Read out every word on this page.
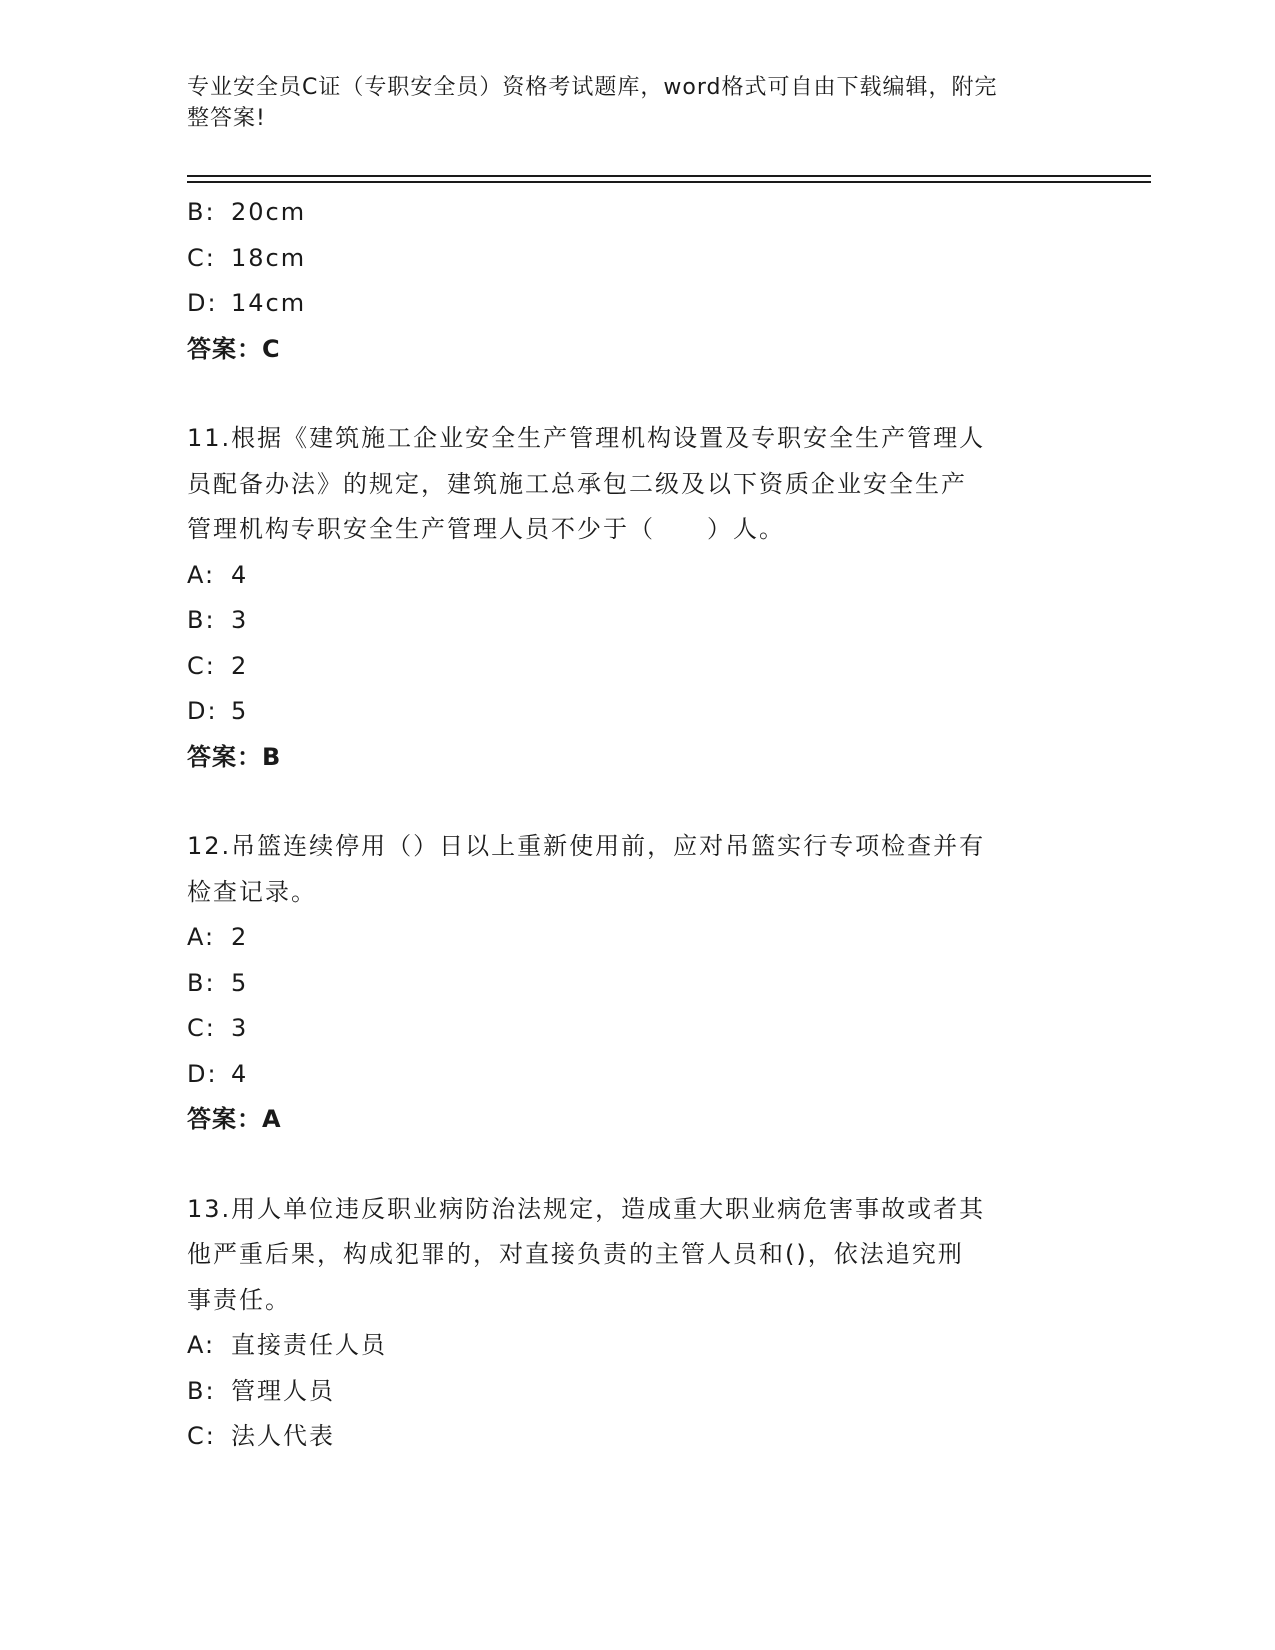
专业安全员C证（专职安全员）资格考试题库，word格式可自由下载编辑，附完
整答案!
B: 20cm
C: 18cm
D: 14cm
答案：C
11.根据《建筑施工企业安全生产管理机构设置及专职安全生产管理人
员配备办法》的规定，建筑施工总承包二级及以下资质企业安全生产
管理机构专职安全生产管理人员不少于（　　）人。
A: 4
B: 3
C: 2
D: 5
答案：B
12.吊篮连续停用（）日以上重新使用前，应对吊篮实行专项检查并有
检查记录。
A: 2
B: 5
C: 3
D: 4
答案：A
13.用人单位违反职业病防治法规定，造成重大职业病危害事故或者其
他严重后果，构成犯罪的，对直接负责的主管人员和()，依法追究刑
事责任。
A: 直接责任人员
B: 管理人员
C: 法人代表
